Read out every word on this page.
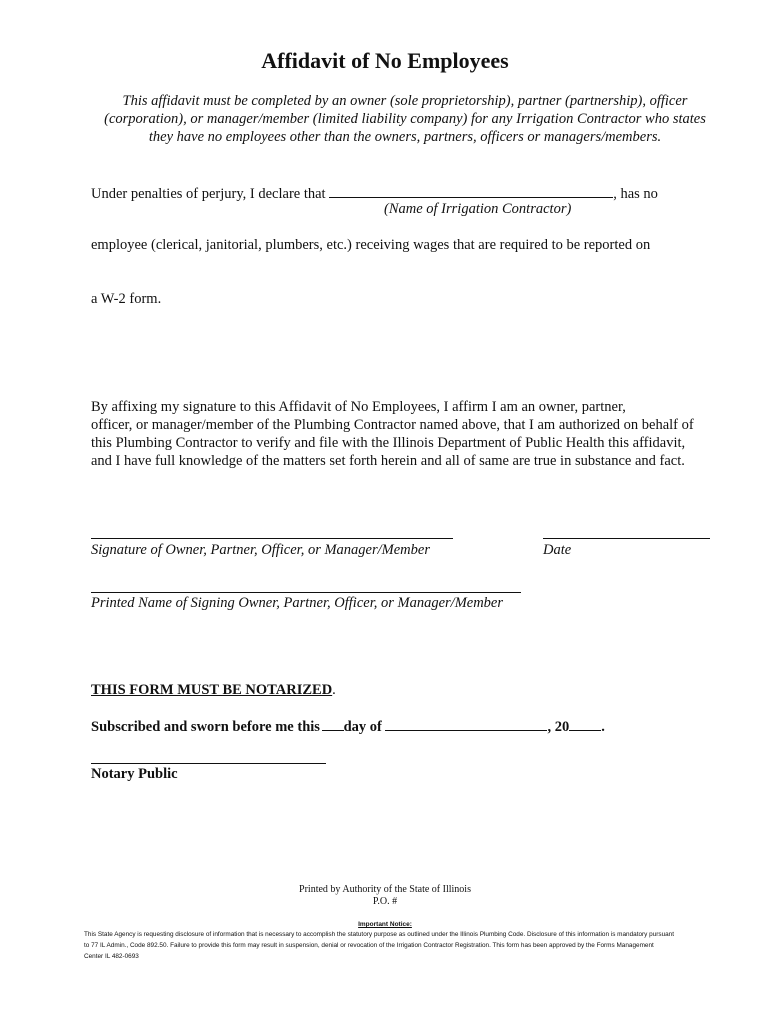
Affidavit of No Employees
This affidavit must be completed by an owner (sole proprietorship), partner (partnership), officer (corporation), or manager/member (limited liability company) for any Irrigation Contractor who states they have no employees other than the owners, partners, officers or managers/members.
Under penalties of perjury, I declare that	, has no
(Name of Irrigation Contractor)
employee (clerical, janitorial, plumbers, etc.) receiving wages that are required to be reported on
a W-2 form.
By affixing my signature to this Affidavit of No Employees, I affirm I am an owner, partner,
officer, or manager/member of the Plumbing Contractor named above, that I am authorized on behalf of
this Plumbing Contractor to verify and file with the Illinois Department of Public Health this affidavit,
and I have full knowledge of the matters set forth herein and all of same are true in substance and fact.
Signature of Owner, Partner, Officer, or Manager/Member	Date
Printed Name of Signing Owner, Partner, Officer, or Manager/Member
THIS FORM MUST BE NOTARIZED.
Subscribed and sworn before me this day of	, 20 .
Notary Public
Printed by Authority of the State of Illinois
P.O. #
Important Notice:
This State Agency is requesting disclosure of information that is necessary to accomplish the statutory purpose as outlined under the Illinois Plumbing Code. Disclosure of this information is mandatory pursuant
to 77 IL Admin., Code 892.50. Failure to provide this form may result in suspension, denial or revocation of the Irrigation Contractor Registration. This form has been approved by the Forms Management
Center IL 482-0693
